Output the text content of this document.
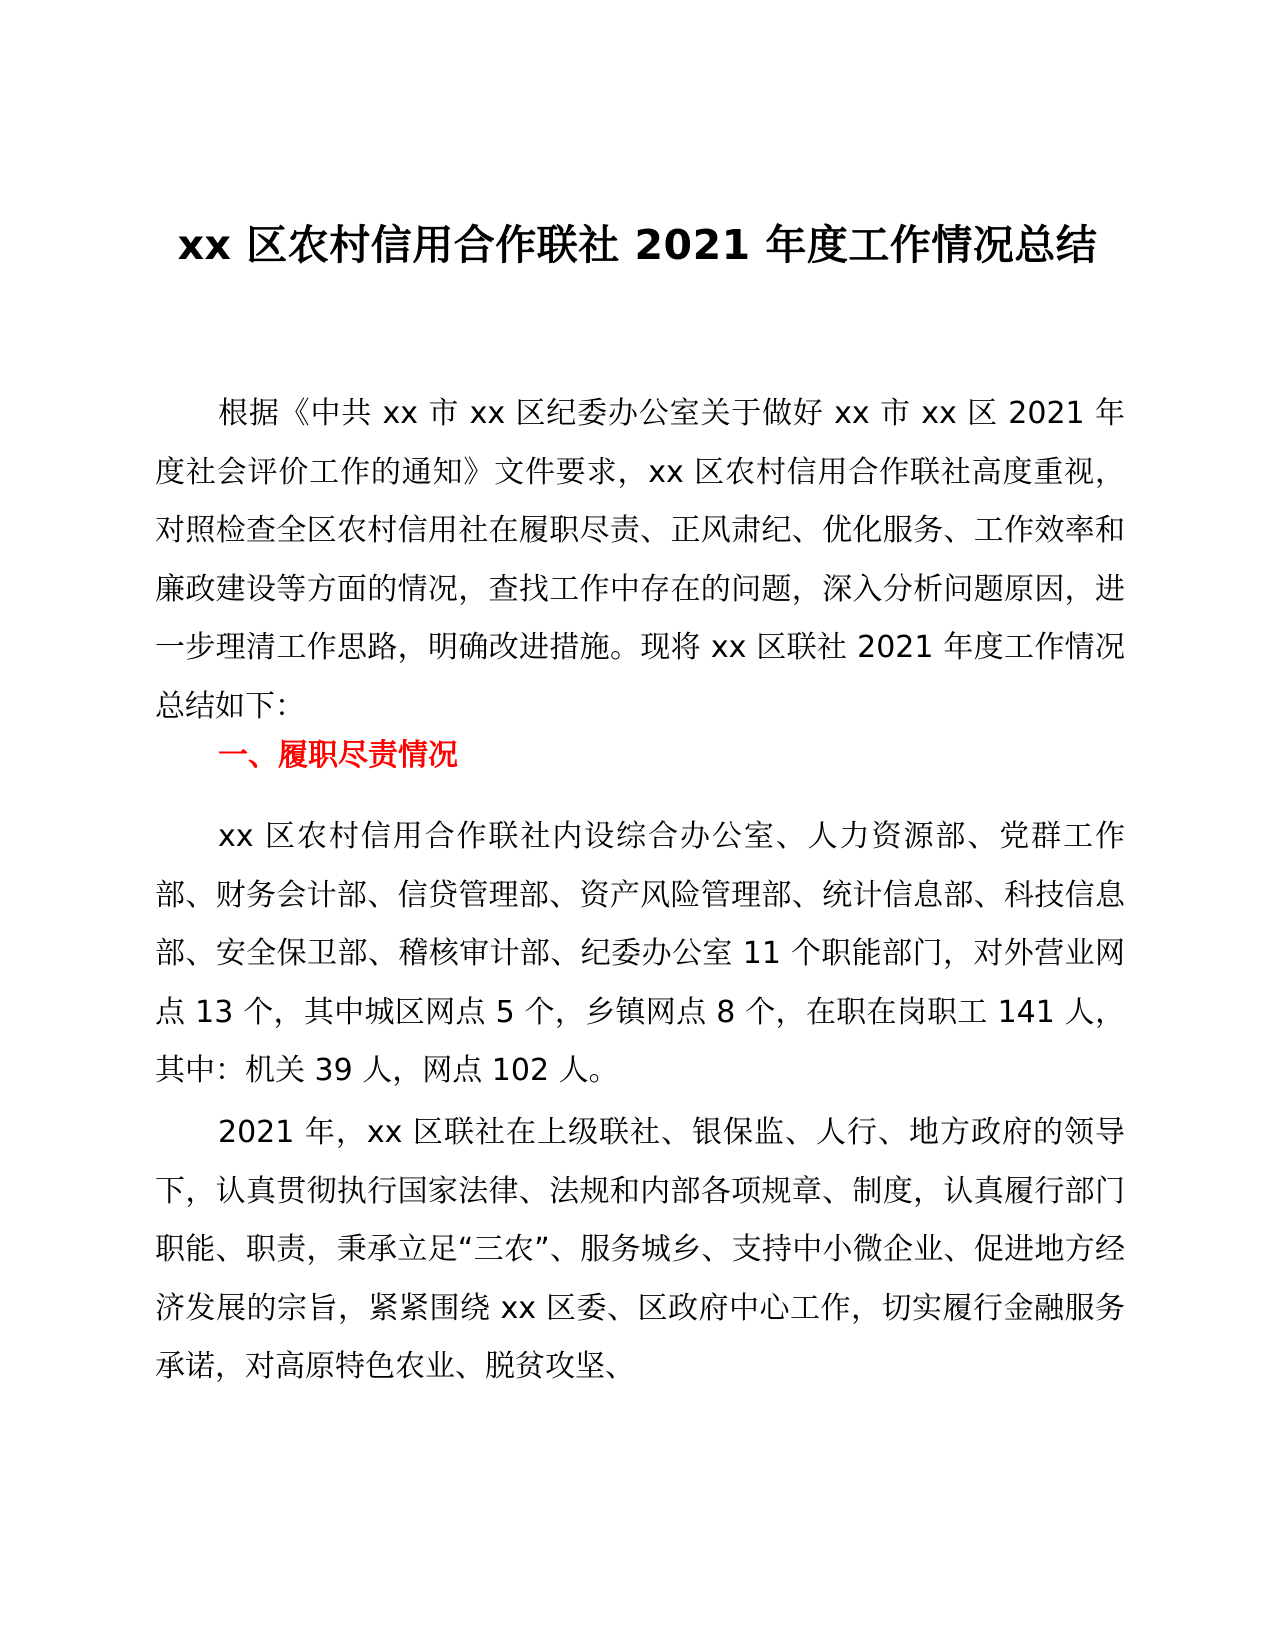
xx 区农村信用合作联社 2021 年度工作情况总结

根据《中共 xx 市 xx 区纪委办公室关于做好 xx 市 xx 区 2021 年度社会评价工作的通知》文件要求，xx 区农村信用合作联社高度重视，对照检查全区农村信用社在履职尽责、正风肃纪、优化服务、工作效率和廉政建设等方面的情况，查找工作中存在的问题，深入分析问题原因，进一步理清工作思路，明确改进措施。现将 xx 区联社 2021 年度工作情况总结如下：

一、履职尽责情况

xx 区农村信用合作联社内设综合办公室、人力资源部、党群工作部、财务会计部、信贷管理部、资产风险管理部、统计信息部、科技信息部、安全保卫部、稽核审计部、纪委办公室 11 个职能部门，对外营业网点 13 个，其中城区网点 5 个，乡镇网点 8 个，在职在岗职工 141 人，其中：机关 39 人，网点 102 人。

2021 年，xx 区联社在上级联社、银保监、人行、地方政府的领导下，认真贯彻执行国家法律、法规和内部各项规章、制度，认真履行部门职能、职责，秉承立足“三农”、服务城乡、支持中小微企业、促进地方经济发展的宗旨，紧紧围绕 xx 区委、区政府中心工作，切实履行金融服务承诺，对高原特色农业、脱贫攻坚、
